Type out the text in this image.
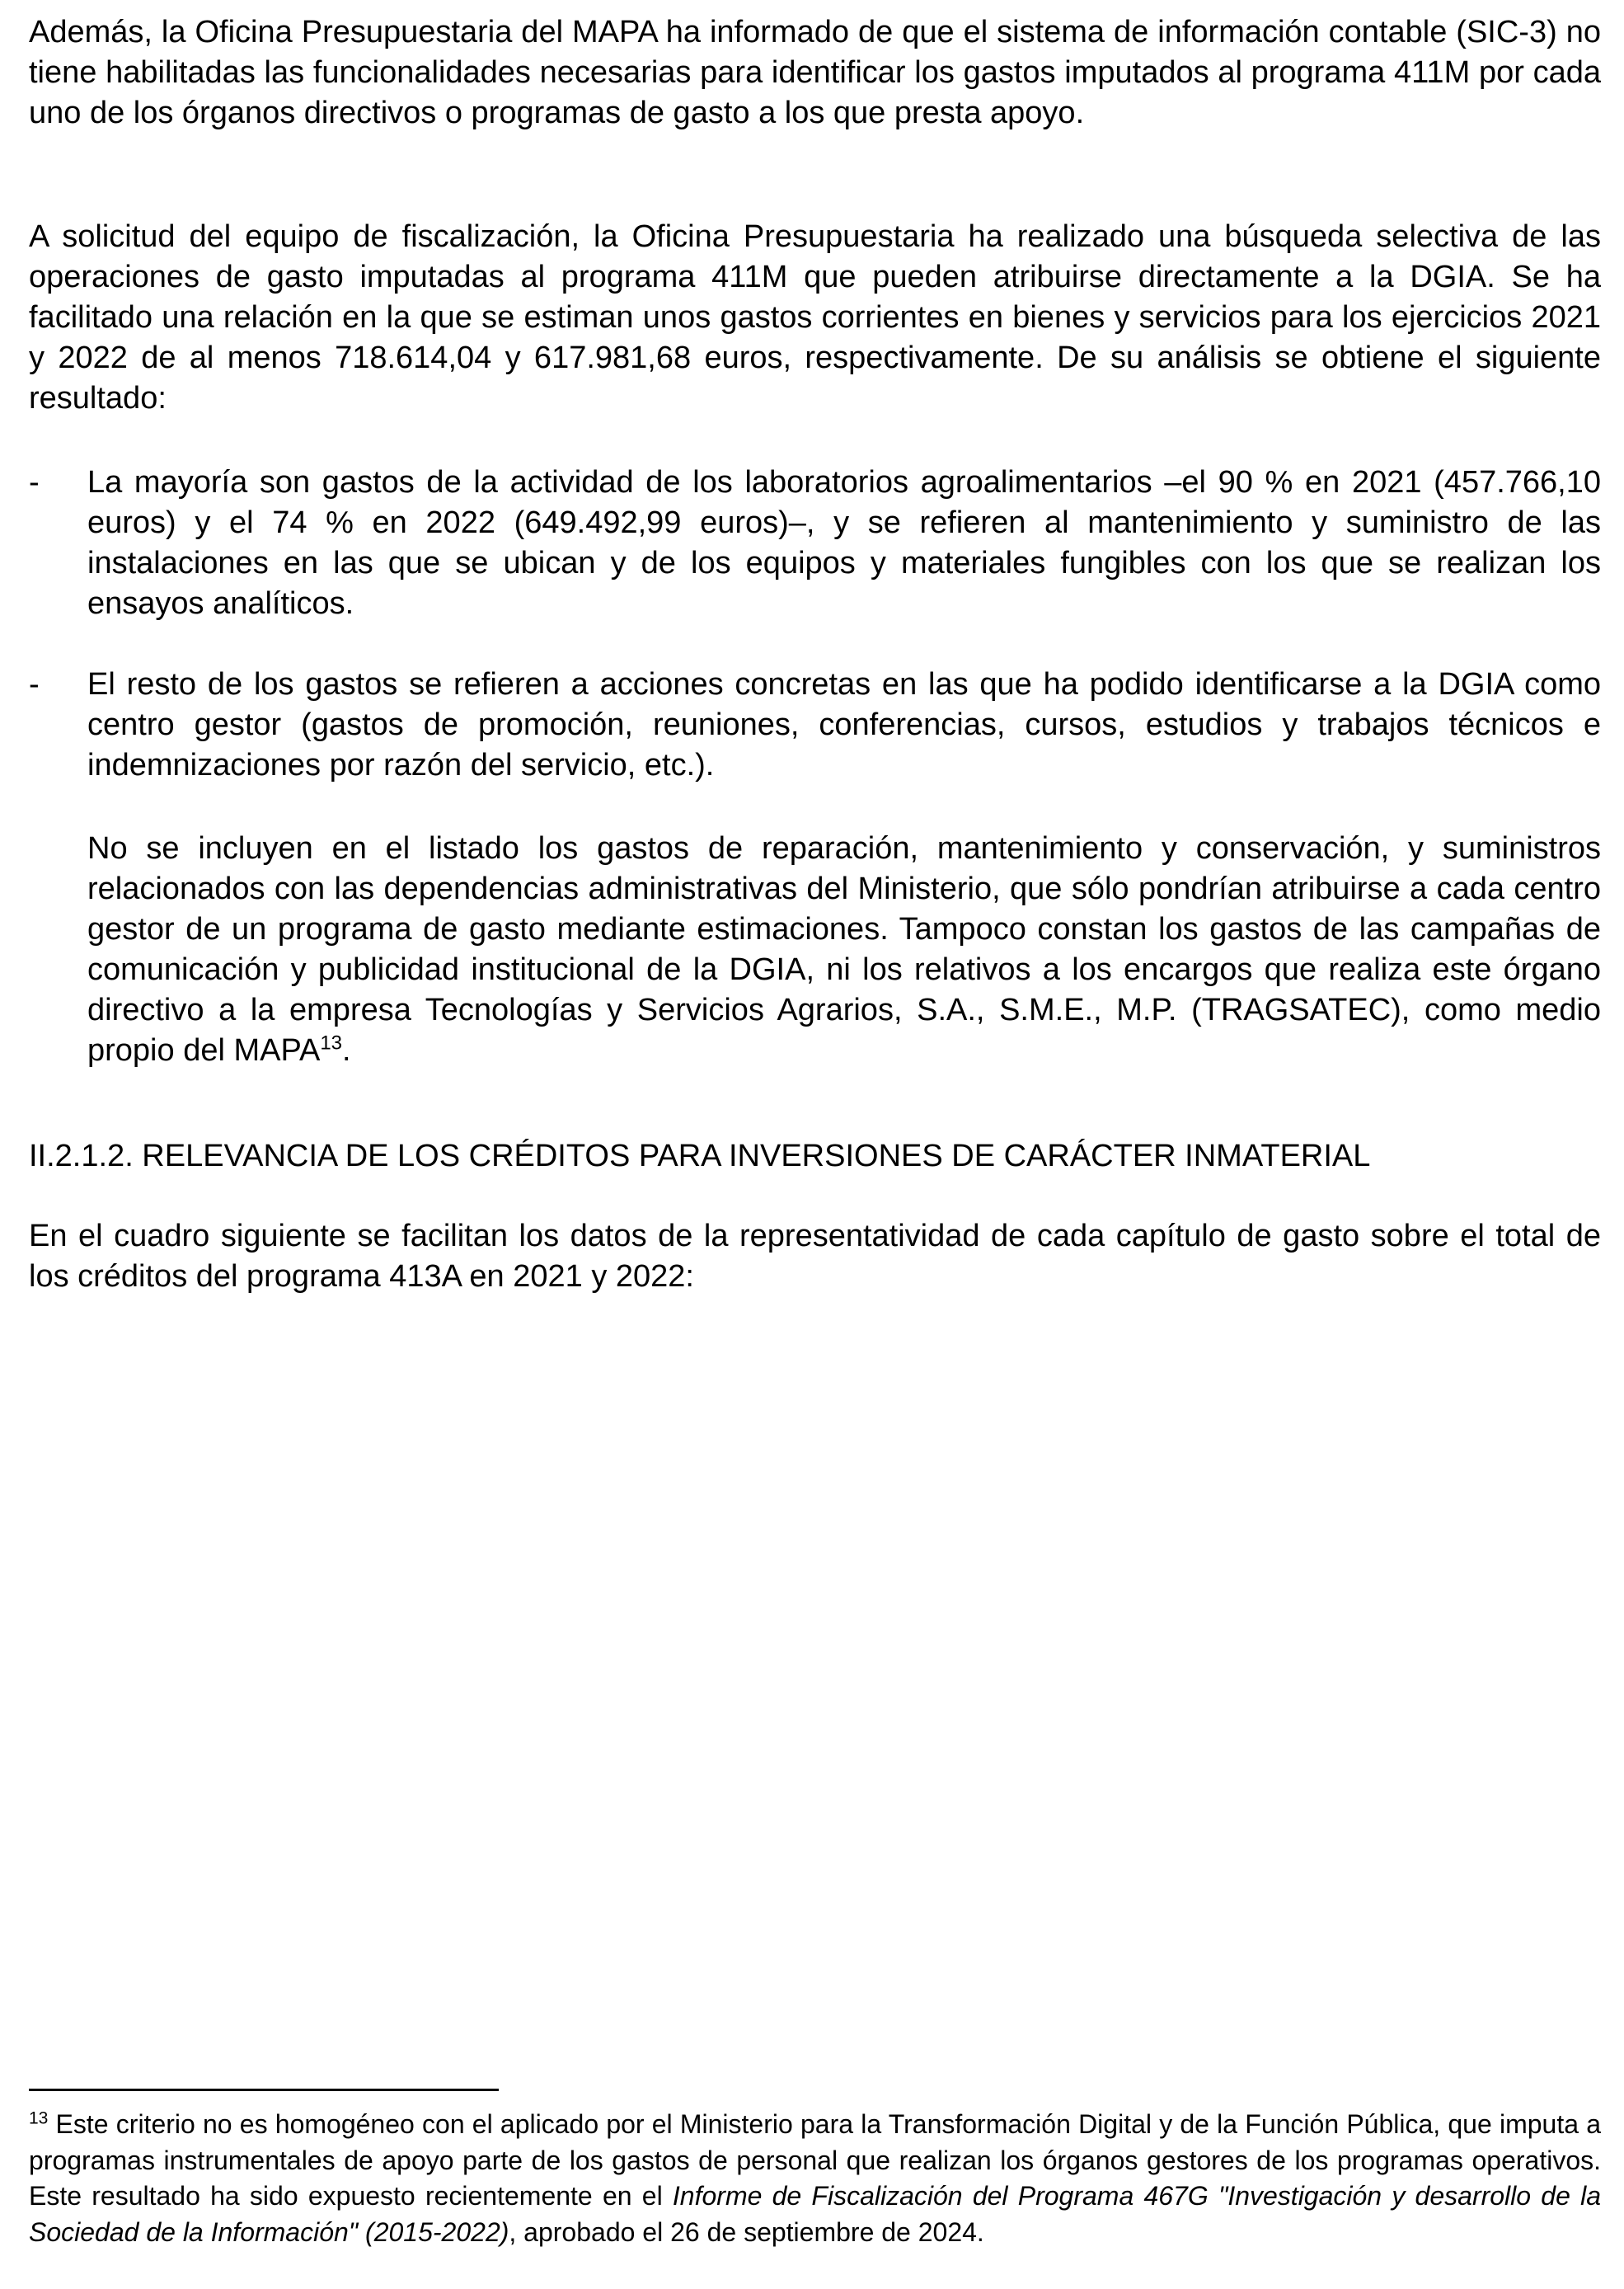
Además, la Oficina Presupuestaria del MAPA ha informado de que el sistema de información contable (SIC-3) no tiene habilitadas las funcionalidades necesarias para identificar los gastos imputados al programa 411M por cada uno de los órganos directivos o programas de gasto a los que presta apoyo.

A solicitud del equipo de fiscalización, la Oficina Presupuestaria ha realizado una búsqueda selectiva de las operaciones de gasto imputadas al programa 411M que pueden atribuirse directamente a la DGIA. Se ha facilitado una relación en la que se estiman unos gastos corrientes en bienes y servicios para los ejercicios 2021 y 2022 de al menos 718.614,04 y 617.981,68 euros, respectivamente. De su análisis se obtiene el siguiente resultado:

- La mayoría son gastos de la actividad de los laboratorios agroalimentarios –el 90 % en 2021 (457.766,10 euros) y el 74 % en 2022 (649.492,99 euros)–, y se refieren al mantenimiento y suministro de las instalaciones en las que se ubican y de los equipos y materiales fungibles con los que se realizan los ensayos analíticos.
- El resto de los gastos se refieren a acciones concretas en las que ha podido identificarse a la DGIA como centro gestor (gastos de promoción, reuniones, conferencias, cursos, estudios y trabajos técnicos e indemnizaciones por razón del servicio, etc.).
No se incluyen en el listado los gastos de reparación, mantenimiento y conservación, y suministros relacionados con las dependencias administrativas del Ministerio, que sólo pondrían atribuirse a cada centro gestor de un programa de gasto mediante estimaciones. Tampoco constan los gastos de las campañas de comunicación y publicidad institucional de la DGIA, ni los relativos a los encargos que realiza este órgano directivo a la empresa Tecnologías y Servicios Agrarios, S.A., S.M.E., M.P. (TRAGSATEC), como medio propio del MAPA$^{13}$.

II.2.1.2. RELEVANCIA DE LOS CRÉDITOS PARA INVERSIONES DE CARÁCTER INMATERIAL

En el cuadro siguiente se facilitan los datos de la representatividad de cada capítulo de gasto sobre el total de los créditos del programa 413A en 2021 y 2022:

$^{13}$ Este criterio no es homogéneo con el aplicado por el Ministerio para la Transformación Digital y de la Función Pública, que imputa a programas instrumentales de apoyo parte de los gastos de personal que realizan los órganos gestores de los programas operativos. Este resultado ha sido expuesto recientemente en el Informe de Fiscalización del Programa 467G "Investigación y desarrollo de la Sociedad de la Información" (2015-2022), aprobado el 26 de septiembre de 2024.
